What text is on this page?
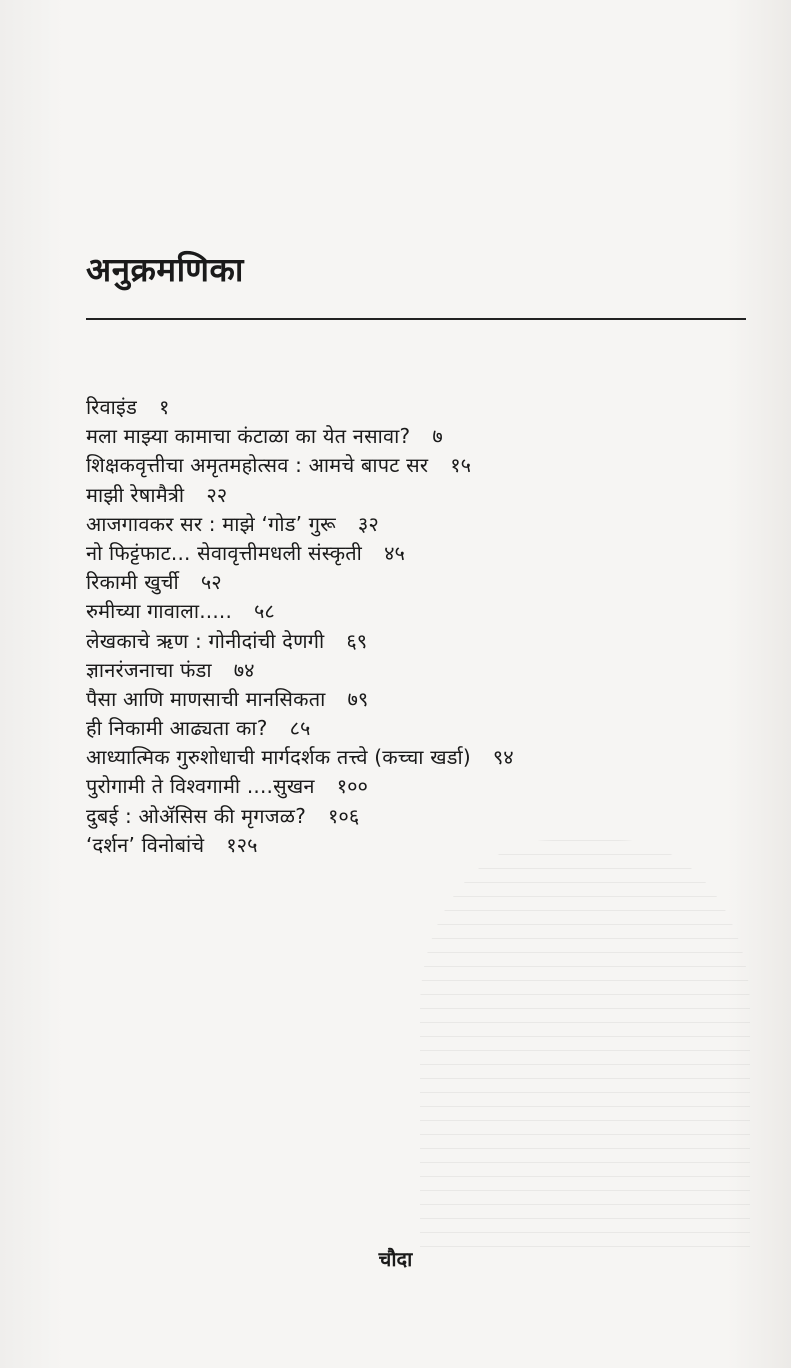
अनुक्रमणिका
रिवाइंड १
मला माझ्या कामाचा कंटाळा का येत नसावा? ७
शिक्षकवृत्तीचा अमृतमहोत्सव : आमचे बापट सर १५
माझी रेषामैत्री २२
आजगावकर सर : माझे ‘गोड’ गुरू ३२
नो फिट्टंफाट... सेवावृत्तीमधली संस्कृती ४५
रिकामी खुर्ची ५२
रुमीच्या गावाला..... ५८
लेखकाचे ऋण : गोनीदांची देणगी ६९
ज्ञानरंजनाचा फंडा ७४
पैसा आणि माणसाची मानसिकता ७९
ही निकामी आढ्यता का? ८५
आध्यात्मिक गुरुशोधाची मार्गदर्शक तत्त्वे (कच्चा खर्डा) ९४
पुरोगामी ते विश्वगामी ....सुखन १००
दुबई : ओॲसिस की मृगजळ? १०६
‘दर्शन’ विनोबांचे १२५
चौदा
